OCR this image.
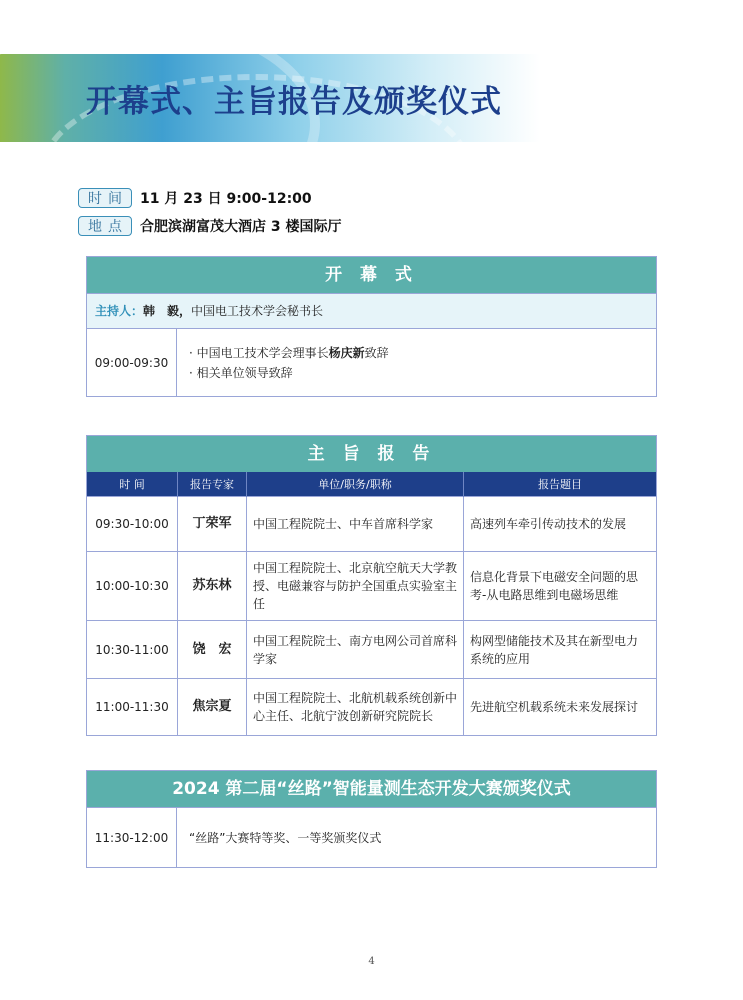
开幕式、主旨报告及颁奖仪式
时间 11 月 23 日 9:00-12:00
地点 合肥滨湖富茂大酒店 3 楼国际厅
开 幕 式
主持人：韩　毅，中国电工技术学会秘书长
09:00-09:30
· 中国电工技术学会理事长杨庆新致辞
· 相关单位领导致辞
主 旨 报 告
时 间	报告专家	单位/职务/职称	报告题目
09:30-10:00	丁荣军	中国工程院院士、中车首席科学家	高速列车牵引传动技术的发展
10:00-10:30	苏东林	中国工程院院士、北京航空航天大学教授、电磁兼容与防护全国重点实验室主任	信息化背景下电磁安全问题的思考-从电路思维到电磁场思维
10:30-11:00	饶　宏	中国工程院院士、南方电网公司首席科学家	构网型储能技术及其在新型电力系统的应用
11:00-11:30	焦宗夏	中国工程院院士、北航机载系统创新中心主任、北航宁波创新研究院院长	先进航空机载系统未来发展探讨
2024 第二届“丝路”智能量测生态开发大赛颁奖仪式
11:30-12:00	“丝路”大赛特等奖、一等奖颁奖仪式
4
